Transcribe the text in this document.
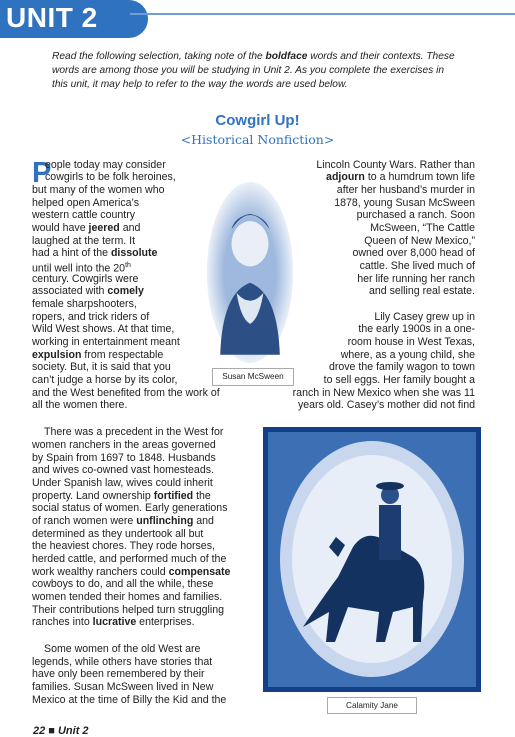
UNIT 2
Read the following selection, taking note of the boldface words and their contexts. These words are among those you will be studying in Unit 2. As you complete the exercises in this unit, it may help to refer to the way the words are used below.
Cowgirl Up!
<Historical Nonfiction>
P
Susan McSween
Calamity Jane
eople today may consider
cowgirls to be folk heroines,
but many of the women who
helped open America’s
western cattle country
would have jeered and
laughed at the term. It
had a hint of the dissolute
until well into the 20th
century. Cowgirls were
associated with comely
female sharpshooters,
ropers, and trick riders of
Wild West shows. At that time,
working in entertainment meant
expulsion from respectable
society. But, it is said that you
can’t judge a horse by its color,
and the West benefited from the work of
all the women there.
There was a precedent in the West for
women ranchers in the areas governed
by Spain from 1697 to 1848. Husbands
and wives co-owned vast homesteads.
Under Spanish law, wives could inherit
property. Land ownership fortified the
social status of women. Early generations
of ranch women were unflinching and
determined as they undertook all but
the heaviest chores. They rode horses,
herded cattle, and performed much of the
work wealthy ranchers could compensate
cowboys to do, and all the while, these
women tended their homes and families.
Their contributions helped turn struggling
ranches into lucrative enterprises.
Some women of the old West are
legends, while others have stories that
have only been remembered by their
families. Susan McSween lived in New
Mexico at the time of Billy the Kid and the
Lincoln County Wars. Rather than
adjourn to a humdrum town life
after her husband’s murder in
1878, young Susan McSween
purchased a ranch. Soon
McSween, “The Cattle
Queen of New Mexico,”
owned over 8,000 head of
cattle. She lived much of
her life running her ranch
and selling real estate.
Lily Casey grew up in
the early 1900s in a one-
room house in West Texas,
where, as a young child, she
drove the family wagon to town
to sell eggs. Her family bought a
ranch in New Mexico when she was 11
years old. Casey’s mother did not find
22 ■ Unit 2
